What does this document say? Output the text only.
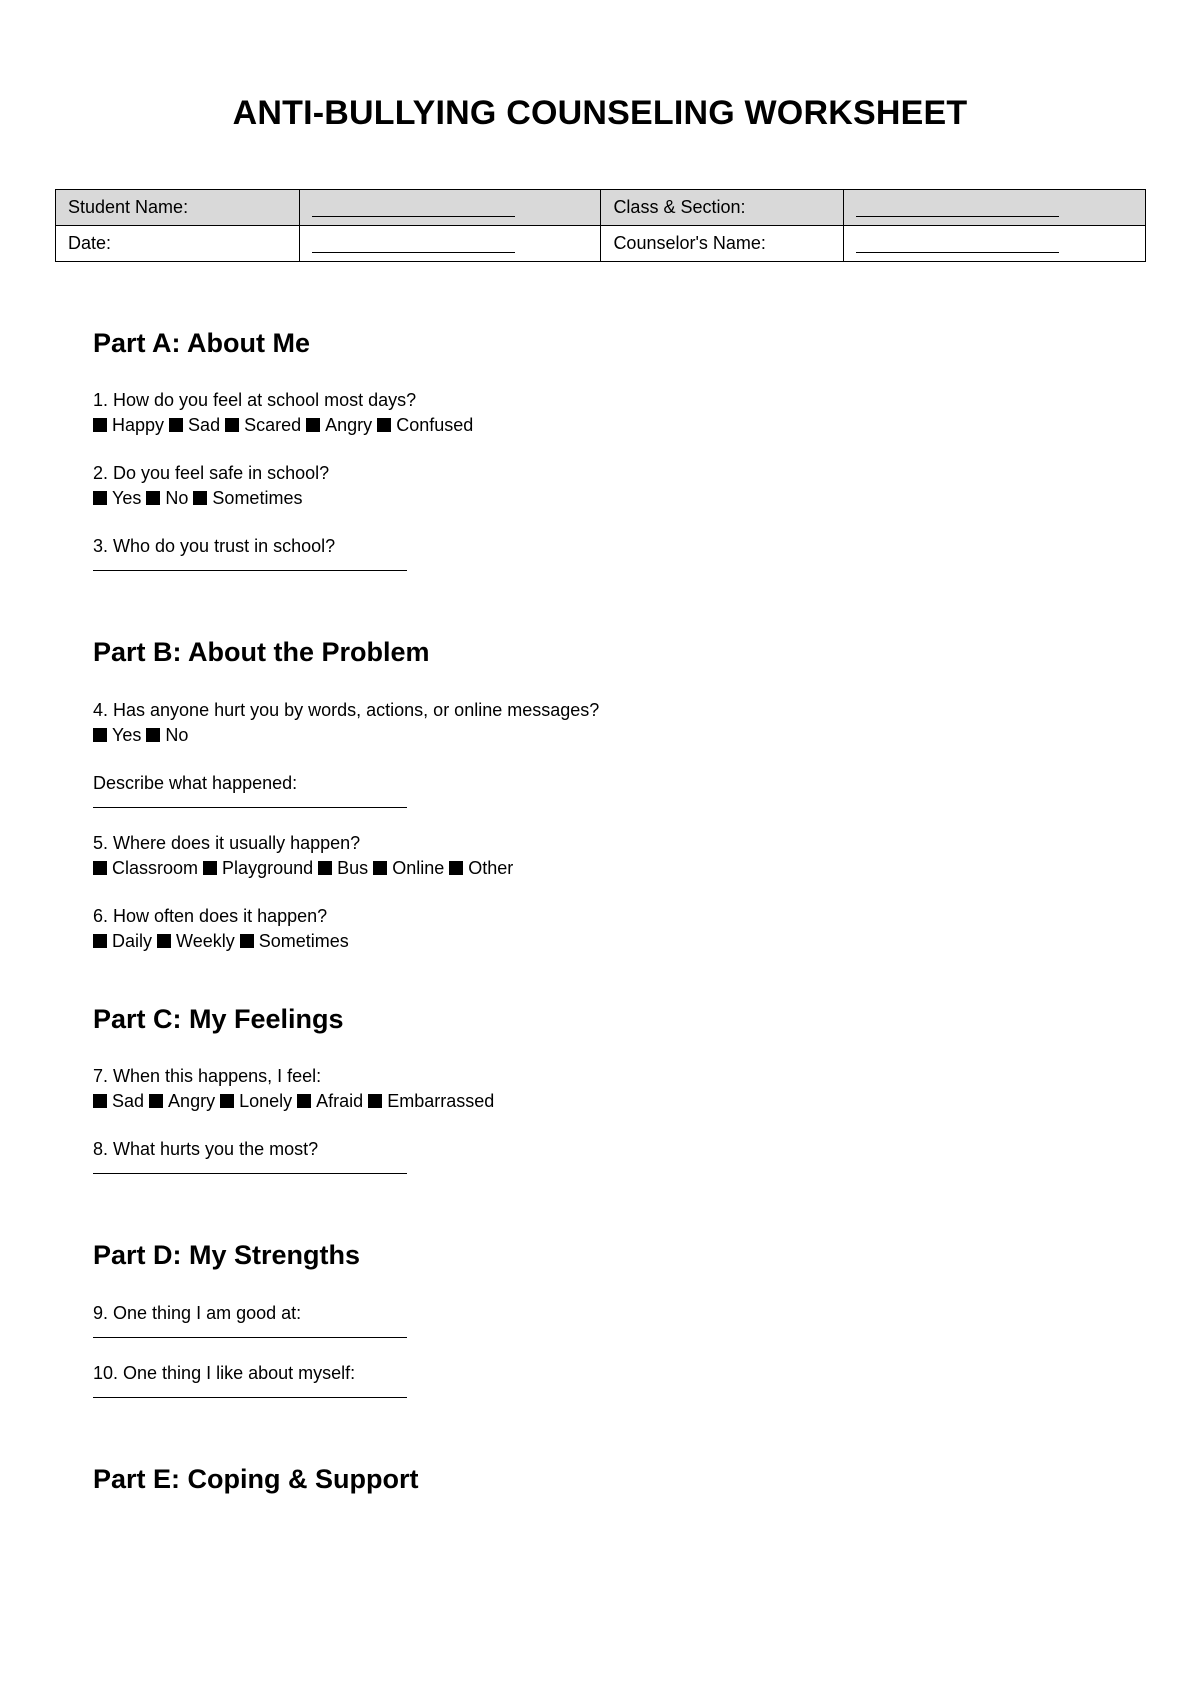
ANTI-BULLYING COUNSELING WORKSHEET
Student Name:		Class & Section:	
Date:		Counselor's Name:	
Part A: About Me

1. How do you feel at school most days?

Happy Sad Scared Angry Confused

2. Do you feel safe in school?

Yes No Sometimes

3. Who do you trust in school?

Part B: About the Problem

4. Has anyone hurt you by words, actions, or online messages?

Yes No

Describe what happened:

5. Where does it usually happen?

Classroom Playground Bus Online Other

6. How often does it happen?

Daily Weekly Sometimes

Part C: My Feelings

7. When this happens, I feel:

Sad Angry Lonely Afraid Embarrassed

8. What hurts you the most?

Part D: My Strengths

9. One thing I am good at:

10. One thing I like about myself:

Part E: Coping & Support
